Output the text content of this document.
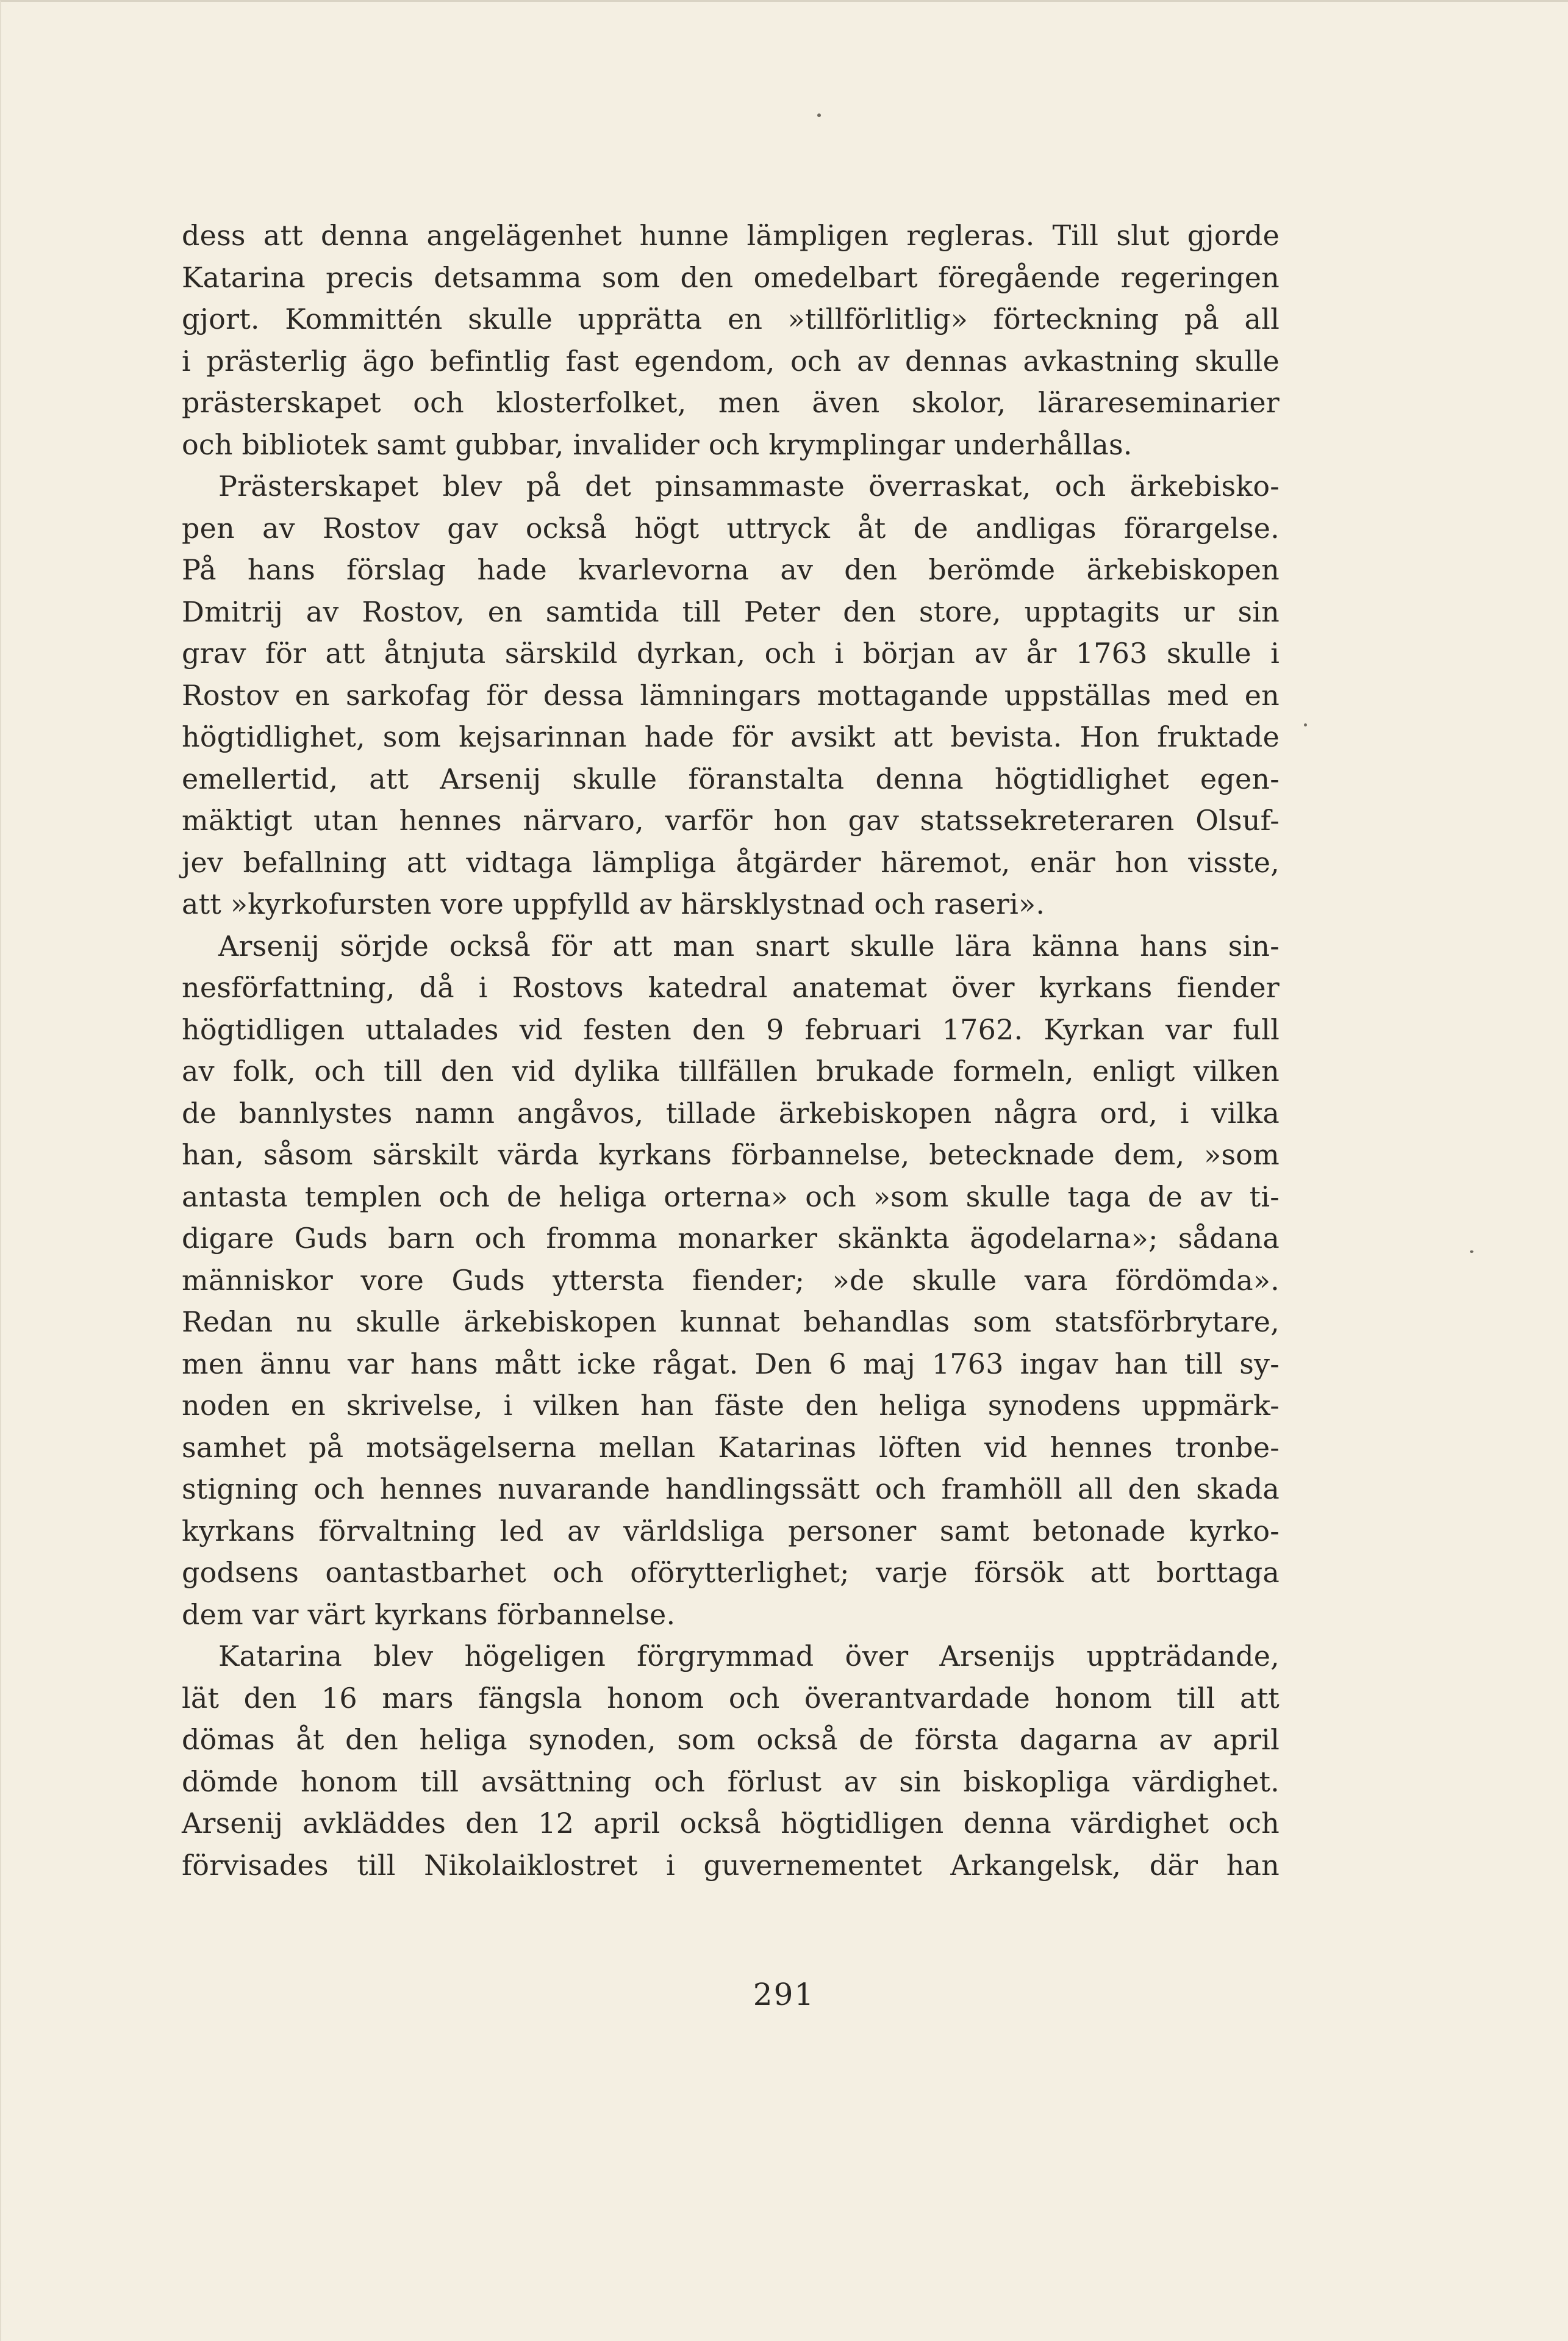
dess att denna angelägenhet hunne lämpligen regleras. Till slut gjorde
Katarina precis detsamma som den omedelbart föregående regeringen
gjort. Kommittén skulle upprätta en »tillförlitlig» förteckning på all
i prästerlig ägo befintlig fast egendom, och av dennas avkastning skulle
prästerskapet och klosterfolket, men även skolor, lärareseminarier
och bibliotek samt gubbar, invalider och krymplingar underhållas.
Prästerskapet blev på det pinsammaste överraskat, och ärkebisko-
pen av Rostov gav också högt uttryck åt de andligas förargelse.
På hans förslag hade kvarlevorna av den berömde ärkebiskopen
Dmitrij av Rostov, en samtida till Peter den store, upptagits ur sin
grav för att åtnjuta särskild dyrkan, och i början av år 1763 skulle i
Rostov en sarkofag för dessa lämningars mottagande uppställas med en
högtidlighet, som kejsarinnan hade för avsikt att bevista. Hon fruktade
emellertid, att Arsenij skulle föranstalta denna högtidlighet egen-
mäktigt utan hennes närvaro, varför hon gav statssekreteraren Olsuf-
jev befallning att vidtaga lämpliga åtgärder häremot, enär hon visste,
att »kyrkofursten vore uppfylld av härsklystnad och raseri».
Arsenij sörjde också för att man snart skulle lära känna hans sin-
nesförfattning, då i Rostovs katedral anatemat över kyrkans fiender
högtidligen uttalades vid festen den 9 februari 1762. Kyrkan var full
av folk, och till den vid dylika tillfällen brukade formeln, enligt vilken
de bannlystes namn angåvos, tillade ärkebiskopen några ord, i vilka
han, såsom särskilt värda kyrkans förbannelse, betecknade dem, »som
antasta templen och de heliga orterna» och »som skulle taga de av ti-
digare Guds barn och fromma monarker skänkta ägodelarna»; sådana
människor vore Guds yttersta fiender; »de skulle vara fördömda».
Redan nu skulle ärkebiskopen kunnat behandlas som statsförbrytare,
men ännu var hans mått icke rågat. Den 6 maj 1763 ingav han till sy-
noden en skrivelse, i vilken han fäste den heliga synodens uppmärk-
samhet på motsägelserna mellan Katarinas löften vid hennes tronbe-
stigning och hennes nuvarande handlingssätt och framhöll all den skada
kyrkans förvaltning led av världsliga personer samt betonade kyrko-
godsens oantastbarhet och oförytterlighet; varje försök att borttaga
dem var värt kyrkans förbannelse.
Katarina blev högeligen förgrymmad över Arsenijs uppträdande,
lät den 16 mars fängsla honom och överantvardade honom till att
dömas åt den heliga synoden, som också de första dagarna av april
dömde honom till avsättning och förlust av sin biskopliga värdighet.
Arsenij avkläddes den 12 april också högtidligen denna värdighet och
förvisades till Nikolaiklostret i guvernementet Arkangelsk, där han
291
